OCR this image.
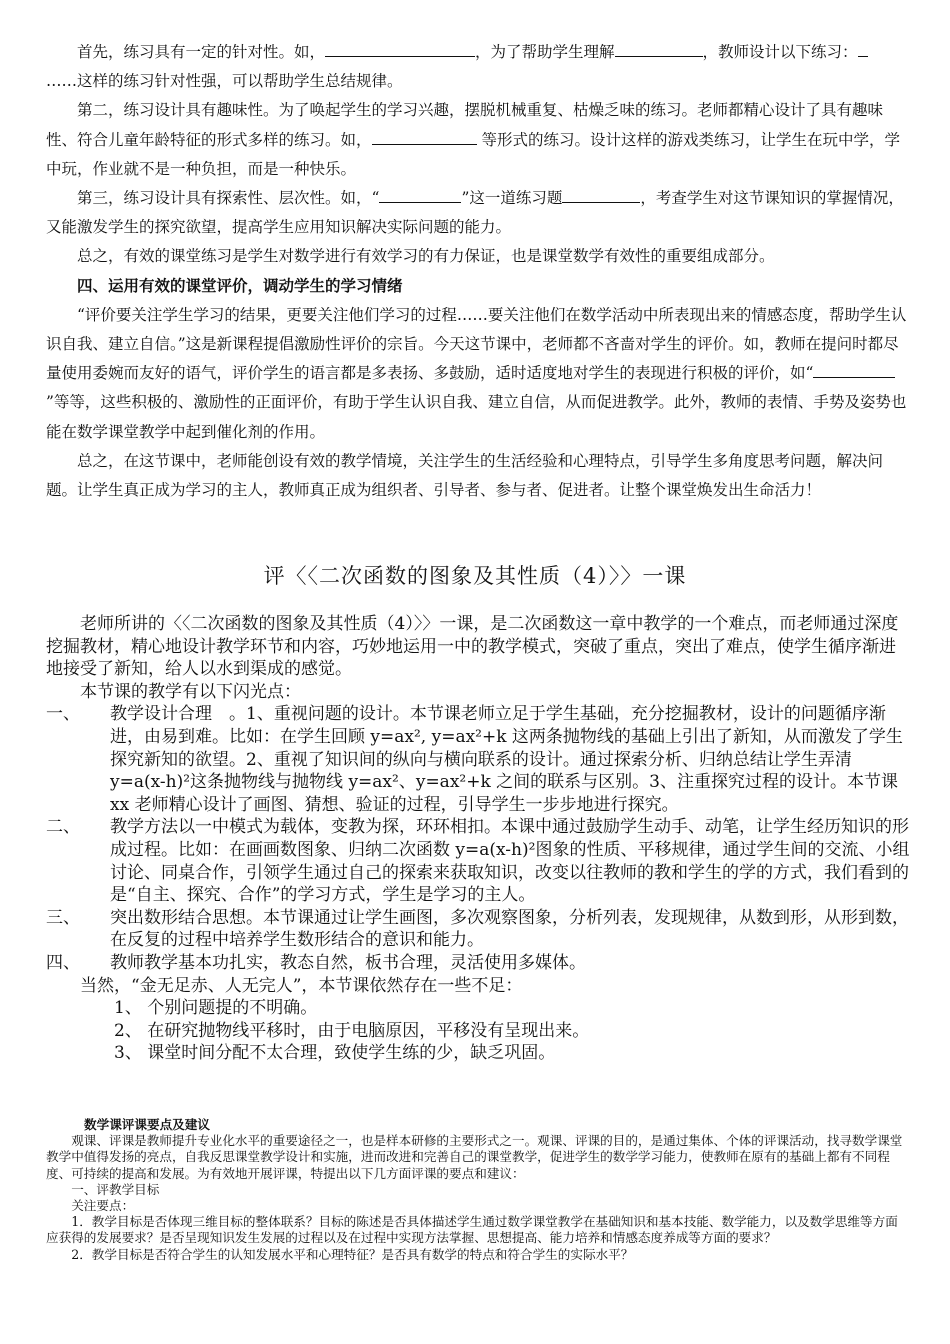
首先，练习具有一定的针对性。如，	，为了帮助学生理解	，教师设计以下练习：

……这样的练习针对性强，可以帮助学生总结规律。

第二，练习设计具有趣味性。为了唤起学生的学习兴趣，摆脱机械重复、枯燥乏味的练习。老师都精心设计了具有趣味性、符合儿童年龄特征的形式多样的练习。如，	等形式的练习。设计这样的游戏类练习，让学生在玩中学，学中玩，作业就不是一种负担，而是一种快乐。

第三，练习设计具有探索性、层次性。如，“	”这一道练习题	，考查学生对这节课知识的掌握情况，又能激发学生的探究欲望，提高学生应用知识解决实际问题的能力。

总之，有效的课堂练习是学生对数学进行有效学习的有力保证，也是课堂数学有效性的重要组成部分。

四、运用有效的课堂评价，调动学生的学习情绪

“评价要关注学生学习的结果，更要关注他们学习的过程……要关注他们在数学活动中所表现出来的情感态度，帮助学生认识自我、建立自信。”这是新课程提倡激励性评价的宗旨。今天这节课中，老师都不吝啬对学生的评价。如，教师在提问时都尽量使用委婉而友好的语气，评价学生的语言都是多表扬、多鼓励，适时适度地对学生的表现进行积极的评价，如“”等等，这些积极的、激励性的正面评价，有助于学生认识自我、建立自信，从而促进教学。此外，教师的表情、手势及姿势也能在数学课堂教学中起到催化剂的作用。

总之，在这节课中，老师能创设有效的教学情境，关注学生的生活经验和心理特点，引导学生多角度思考问题，解决问题。让学生真正成为学习的主人，教师真正成为组织者、引导者、参与者、促进者。让整个课堂焕发出生命活力！

评〈〈二次函数的图象及其性质（4）〉〉一课

老师所讲的〈〈二次函数的图象及其性质（4）〉〉一课，是二次函数这一章中教学的一个难点，而老师通过深度挖掘教材，精心地设计教学环节和内容，巧妙地运用一中的教学模式，突破了重点，突出了难点，使学生循序渐进地接受了新知，给人以水到渠成的感觉。

本节课的教学有以下闪光点：

一、	教学设计合理　。1、重视问题的设计。本节课老师立足于学生基础，充分挖掘教材，设计的问题循序渐进，由易到难。比如：在学生回顾 y=ax², y=ax²+k 这两条抛物线的基础上引出了新知，从而激发了学生探究新知的欲望。2、重视了知识间的纵向与横向联系的设计。通过探索分析、归纳总结让学生弄清 y=a(x-h)²这条抛物线与抛物线 y=ax²、y=ax²+k 之间的联系与区别。3、注重探究过程的设计。本节课 xx 老师精心设计了画图、猜想、验证的过程，引导学生一步步地进行探究。
二、	教学方法以一中模式为载体，变教为探，环环相扣。本课中通过鼓励学生动手、动笔，让学生经历知识的形成过程。比如：在画画数图象、归纳二次函数 y=a(x-h)²图象的性质、平移规律，通过学生间的交流、小组讨论、同桌合作，引领学生通过自己的探索来获取知识，改变以往教师的教和学生的学的方式，我们看到的是“自主、探究、合作”的学习方式，学生是学习的主人。
三、	突出数形结合思想。本节课通过让学生画图，多次观察图象，分析列表，发现规律，从数到形，从形到数，在反复的过程中培养学生数形结合的意识和能力。
四、	教师教学基本功扎实，教态自然，板书合理，灵活使用多媒体。

当然，“金无足赤、人无完人”，本节课依然存在一些不足：

1、 个别问题提的不明确。

2、 在研究抛物线平移时，由于电脑原因，平移没有呈现出来。

3、 课堂时间分配不太合理，致使学生练的少，缺乏巩固。

数学课评课要点及建议

观课、评课是教师提升专业化水平的重要途径之一，也是样本研修的主要形式之一。观课、评课的目的，是通过集体、个体的评课活动，找寻数学课堂教学中值得发扬的亮点，自我反思课堂教学设计和实施，进而改进和完善自己的课堂教学，促进学生的数学学习能力，使教师在原有的基础上都有不同程度、可持续的提高和发展。为有效地开展评课，特提出以下几方面评课的要点和建议：

一、评教学目标

关注要点：

1．教学目标是否体现三维目标的整体联系？目标的陈述是否具体描述学生通过数学课堂教学在基础知识和基本技能、数学能力，以及数学思维等方面应获得的发展要求？是否呈现知识发生发展的过程以及在过程中实现方法掌握、思想提高、能力培养和情感态度养成等方面的要求？

2．教学目标是否符合学生的认知发展水平和心理特征？是否具有数学的特点和符合学生的实际水平？
